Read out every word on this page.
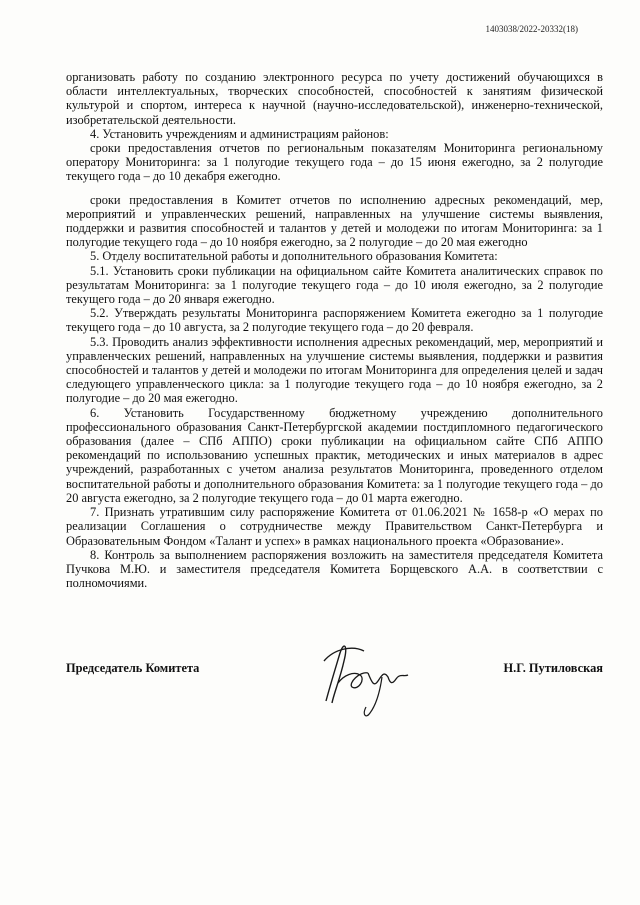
1403038/2022-20332(18)

организовать работу по созданию электронного ресурса по учету достижений обучающихся в области интеллектуальных, творческих способностей, способностей к занятиям физической культурой и спортом, интереса к научной (научно-исследовательской), инженерно-технической, изобретательской деятельности.

4. Установить учреждениям и администрациям районов:

сроки предоставления отчетов по региональным показателям Мониторинга региональному оператору Мониторинга: за 1 полугодие текущего года – до 15 июня ежегодно, за 2 полугодие текущего года – до 10 декабря ежегодно.

сроки предоставления в Комитет отчетов по исполнению адресных рекомендаций, мер, мероприятий и управленческих решений, направленных на улучшение системы выявления, поддержки и развития способностей и талантов у детей и молодежи по итогам Мониторинга: за 1 полугодие текущего года – до 10 ноября ежегодно, за 2 полугодие – до 20 мая ежегодно

5. Отделу воспитательной работы и дополнительного образования Комитета:

5.1. Установить сроки публикации на официальном сайте Комитета аналитических справок по результатам Мониторинга: за 1 полугодие текущего года – до 10 июля ежегодно, за 2 полугодие текущего года – до 20 января ежегодно.

5.2. Утверждать результаты Мониторинга распоряжением Комитета ежегодно за 1 полугодие текущего года – до 10 августа, за 2 полугодие текущего года – до 20 февраля.

5.3. Проводить анализ эффективности исполнения адресных рекомендаций, мер, мероприятий и управленческих решений, направленных на улучшение системы выявления, поддержки и развития способностей и талантов у детей и молодежи по итогам Мониторинга для определения целей и задач следующего управленческого цикла: за 1 полугодие текущего года – до 10 ноября ежегодно, за 2 полугодие – до 20 мая ежегодно.

6. Установить Государственному бюджетному учреждению дополнительного профессионального образования Санкт-Петербургской академии постдипломного педагогического образования (далее – СПб АППО) сроки публикации на официальном сайте СПб АППО рекомендаций по использованию успешных практик, методических и иных материалов в адрес учреждений, разработанных с учетом анализа результатов Мониторинга, проведенного отделом воспитательной работы и дополнительного образования Комитета: за 1 полугодие текущего года – до 20 августа ежегодно, за 2 полугодие текущего года – до 01 марта ежегодно.

7. Признать утратившим силу распоряжение Комитета от 01.06.2021 № 1658-р «О мерах по реализации Соглашения о сотрудничестве между Правительством Санкт-Петербурга и Образовательным Фондом «Талант и успех» в рамках национального проекта «Образование».

8. Контроль за выполнением распоряжения возложить на заместителя председателя Комитета Пучкова М.Ю. и заместителя председателя Комитета Борщевского А.А. в соответствии с полномочиями.

Председатель Комитета	Н.Г. Путиловская
